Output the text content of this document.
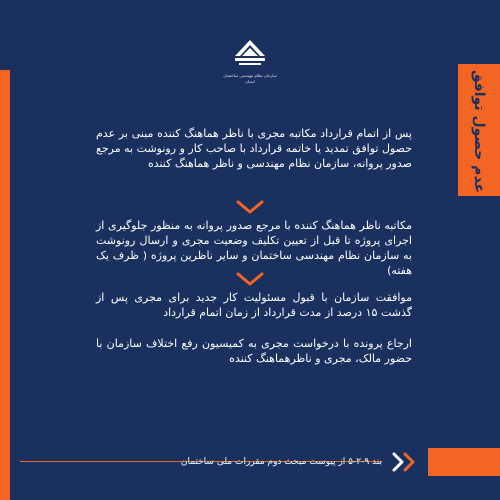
سازمان نظام مهندسی ساختمان
استان	عدم حصول توافق
پس از اتمام قرارداد مکاتبه مجری با ناظر هماهنگ کننده مبنی بر عدم حصول توافق تمدید یا خاتمه قرارداد با صاحب کار و رونوشت به مرجع صدور پروانه، سازمان نظام مهندسی و ناظر هماهنگ کننده
مکاتبه ناظر هماهنگ کننده با مرجع صدور پروانه به منظور جلوگیری از اجرای پروژه تا قبل از تعیین تکلیف وضعیت مجری و ارسال رونوشت به سازمان نظام مهندسی ساختمان و سایر ناظرین پروژه ( ظرف یک هفته)
موافقت سازمان با قبول مسئولیت کار جدید برای مجری پس از گذشت ۱۵ درصد از مدت قرارداد از زمان اتمام قرارداد
ارجاع پرونده با درخواست مجری به کمیسیون رفع اختلاف سازمان با حضور مالک، مجری و ناظرهماهنگ کننده
بند ۹-۲-۵ از پیوست مبحث دوم مقررات ملی ساختمان
